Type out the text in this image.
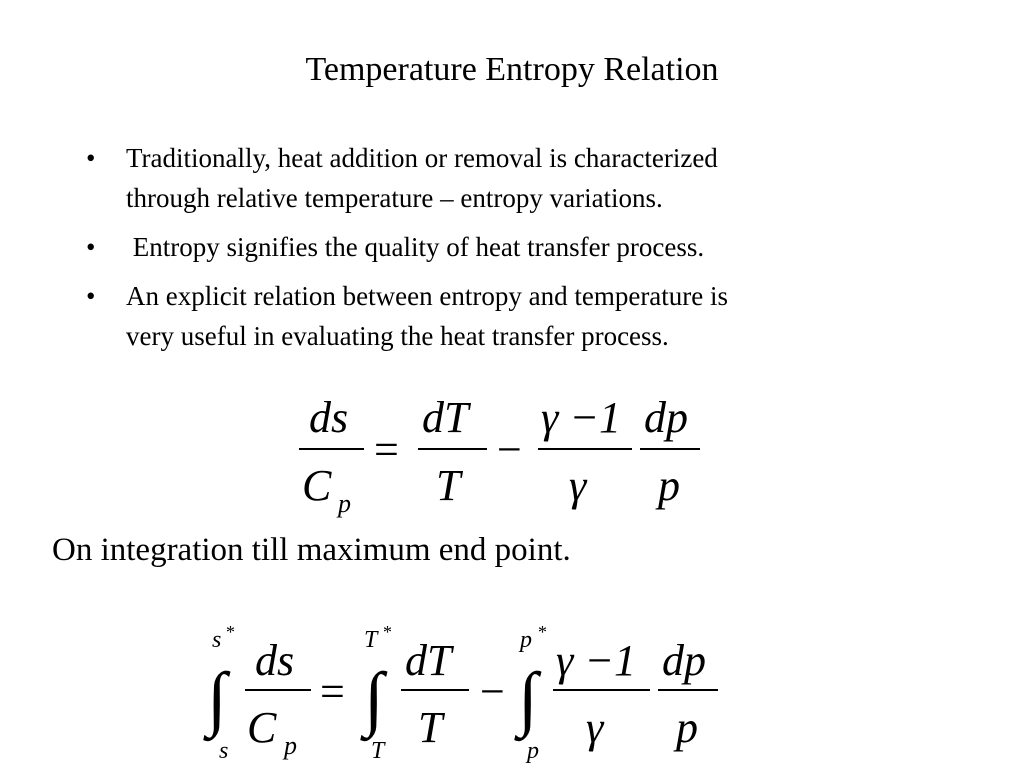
Temperature Entropy Relation
• Traditionally, heat addition or removal is characterized
through relative temperature – entropy variations.
• Entropy signifies the quality of heat transfer process.
• An explicit relation between entropy and temperature is
very useful in evaluating the heat transfer process.
ds
C p
=
dT
T
−
γ −1
γ
dp
p
On integration till maximum end point.
s *
∫
s
ds
C p
=
T *
∫
T
dT
T
−
p *
∫
p
γ −1
γ
dp
p
